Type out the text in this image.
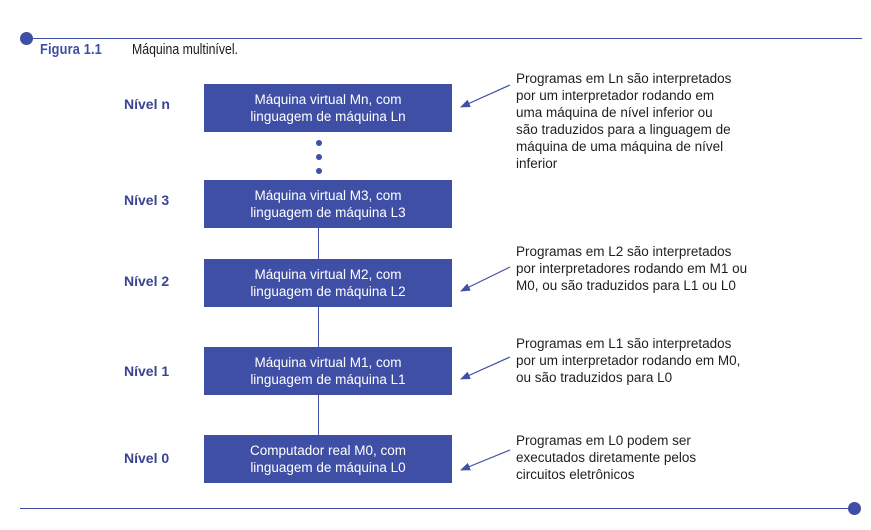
Figura 1.1 Máquina multinível.
Nível n	Máquina virtual Mn, com
linguagem de máquina Ln
Programas em Ln são interpretados
por um interpretador rodando em
uma máquina de nível inferior ou
são traduzidos para a linguagem de
máquina de uma máquina de nível
inferior
Nível 3	Máquina virtual M3, com
linguagem de máquina L3
Nível 2	Máquina virtual M2, com
linguagem de máquina L2
Programas em L2 são interpretados
por interpretadores rodando em M1 ou
M0, ou são traduzidos para L1 ou L0
Nível 1
Máquina virtual M1, com
linguagem de máquina L1
Programas em L1 são interpretados
por um interpretador rodando em M0,
ou são traduzidos para L0
Nível 0	Computador real M0, com
linguagem de máquina L0
Programas em L0 podem ser
executados diretamente pelos
circuitos eletrônicos
